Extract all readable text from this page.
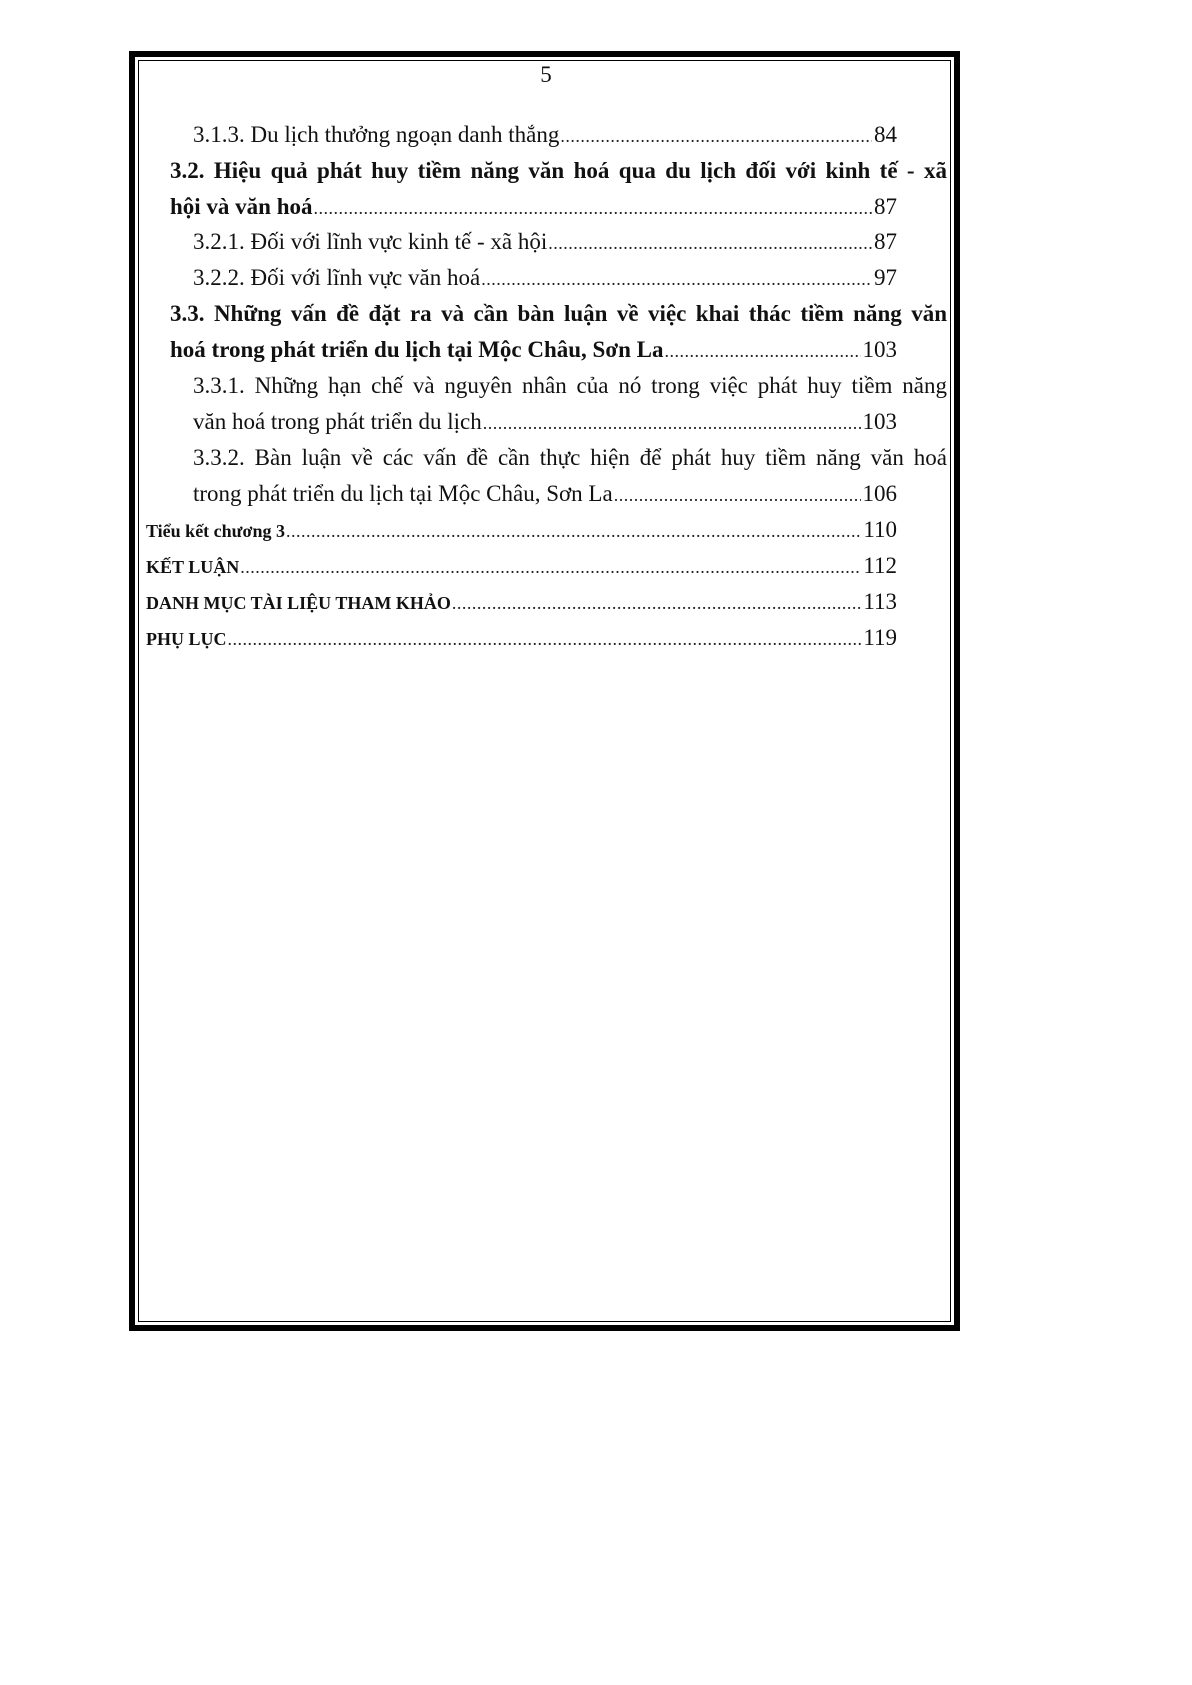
5
3.1.3. Du lịch thưởng ngoạn danh thắng .....	84
3.2. Hiệu quả phát huy tiềm năng văn hoá qua du lịch đối với kinh tế - xã
hội và văn hoá .....	87
3.2.1. Đối với lĩnh vực kinh tế - xã hội .....	87
3.2.2. Đối với lĩnh vực văn hoá .....	97
3.3. Những vấn đề đặt ra và cần bàn luận về việc khai thác tiềm năng văn
hoá trong phát triển du lịch tại Mộc Châu, Sơn La .....	103
3.3.1. Những hạn chế và nguyên nhân của nó trong việc phát huy tiềm năng
văn hoá trong phát triển du lịch .....	103
3.3.2. Bàn luận về các vấn đề cần thực hiện để phát huy tiềm năng văn hoá
trong phát triển du lịch tại Mộc Châu, Sơn La .....	106
Tiểu kết chương 3 .....	110
KẾT LUẬN .....	112
DANH MỤC TÀI LIỆU THAM KHẢO .....	113
PHỤ LỤC .....	119
